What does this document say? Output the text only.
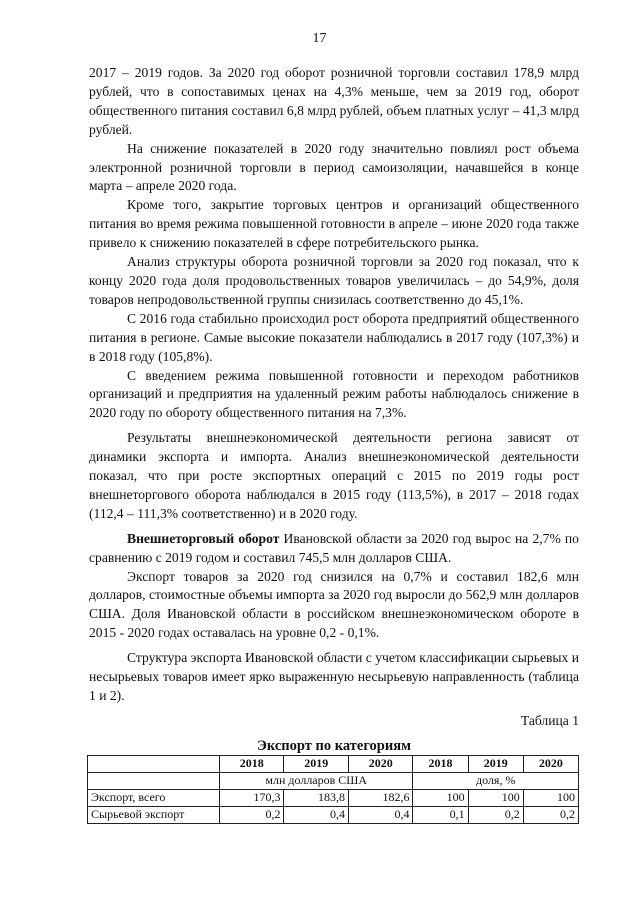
17

2017 – 2019 годов. За 2020 год оборот розничной торговли составил 178,9 млрд рублей, что в сопоставимых ценах на 4,3% меньше, чем за 2019 год, оборот общественного питания составил 6,8 млрд рублей, объем платных услуг – 41,3 млрд рублей.

На снижение показателей в 2020 году значительно повлиял рост объема электронной розничной торговли в период самоизоляции, начавшейся в конце марта – апреле 2020 года.

Кроме того, закрытие торговых центров и организаций общественного питания во время режима повышенной готовности в апреле – июне 2020 года также привело к снижению показателей в сфере потребительского рынка.

Анализ структуры оборота розничной торговли за 2020 год показал, что к концу 2020 года доля продовольственных товаров увеличилась – до 54,9%, доля товаров непродовольственной группы снизилась соответственно до 45,1%.

С 2016 года стабильно происходил рост оборота предприятий общественного питания в регионе. Самые высокие показатели наблюдались в 2017 году (107,3%) и в 2018 году (105,8%).

С введением режима повышенной готовности и переходом работников организаций и предприятия на удаленный режим работы наблюдалось снижение в 2020 году по обороту общественного питания на 7,3%.

Результаты внешнеэкономической деятельности региона зависят от динамики экспорта и импорта. Анализ внешнеэкономической деятельности показал, что при росте экспортных операций с 2015 по 2019 годы рост внешнеторгового оборота наблюдался в 2015 году (113,5%), в 2017 – 2018 годах (112,4 – 111,3% соответственно) и в 2020 году.

Внешнеторговый оборот Ивановской области за 2020 год вырос на 2,7% по сравнению с 2019 годом и составил 745,5 млн долларов США.

Экспорт товаров за 2020 год снизился на 0,7% и составил 182,6 млн долларов, стоимостные объемы импорта за 2020 год выросли до 562,9 млн долларов США. Доля Ивановской области в российском внешнеэкономическом обороте в 2015 - 2020 годах оставалась на уровне 0,2 - 0,1%.

Структура экспорта Ивановской области с учетом классификации сырьевых и несырьевых товаров имеет ярко выраженную несырьевую направленность (таблица 1 и 2).

Таблица 1
Экспорт по категориям
	2018	2019	2020	2018	2019	2020
	млн долларов США			доля, %		
Экспорт, всего	170,3	183,8	182,6	100	100	100
Сырьевой экспорт	0,2	0,4	0,4	0,1	0,2	0,2
